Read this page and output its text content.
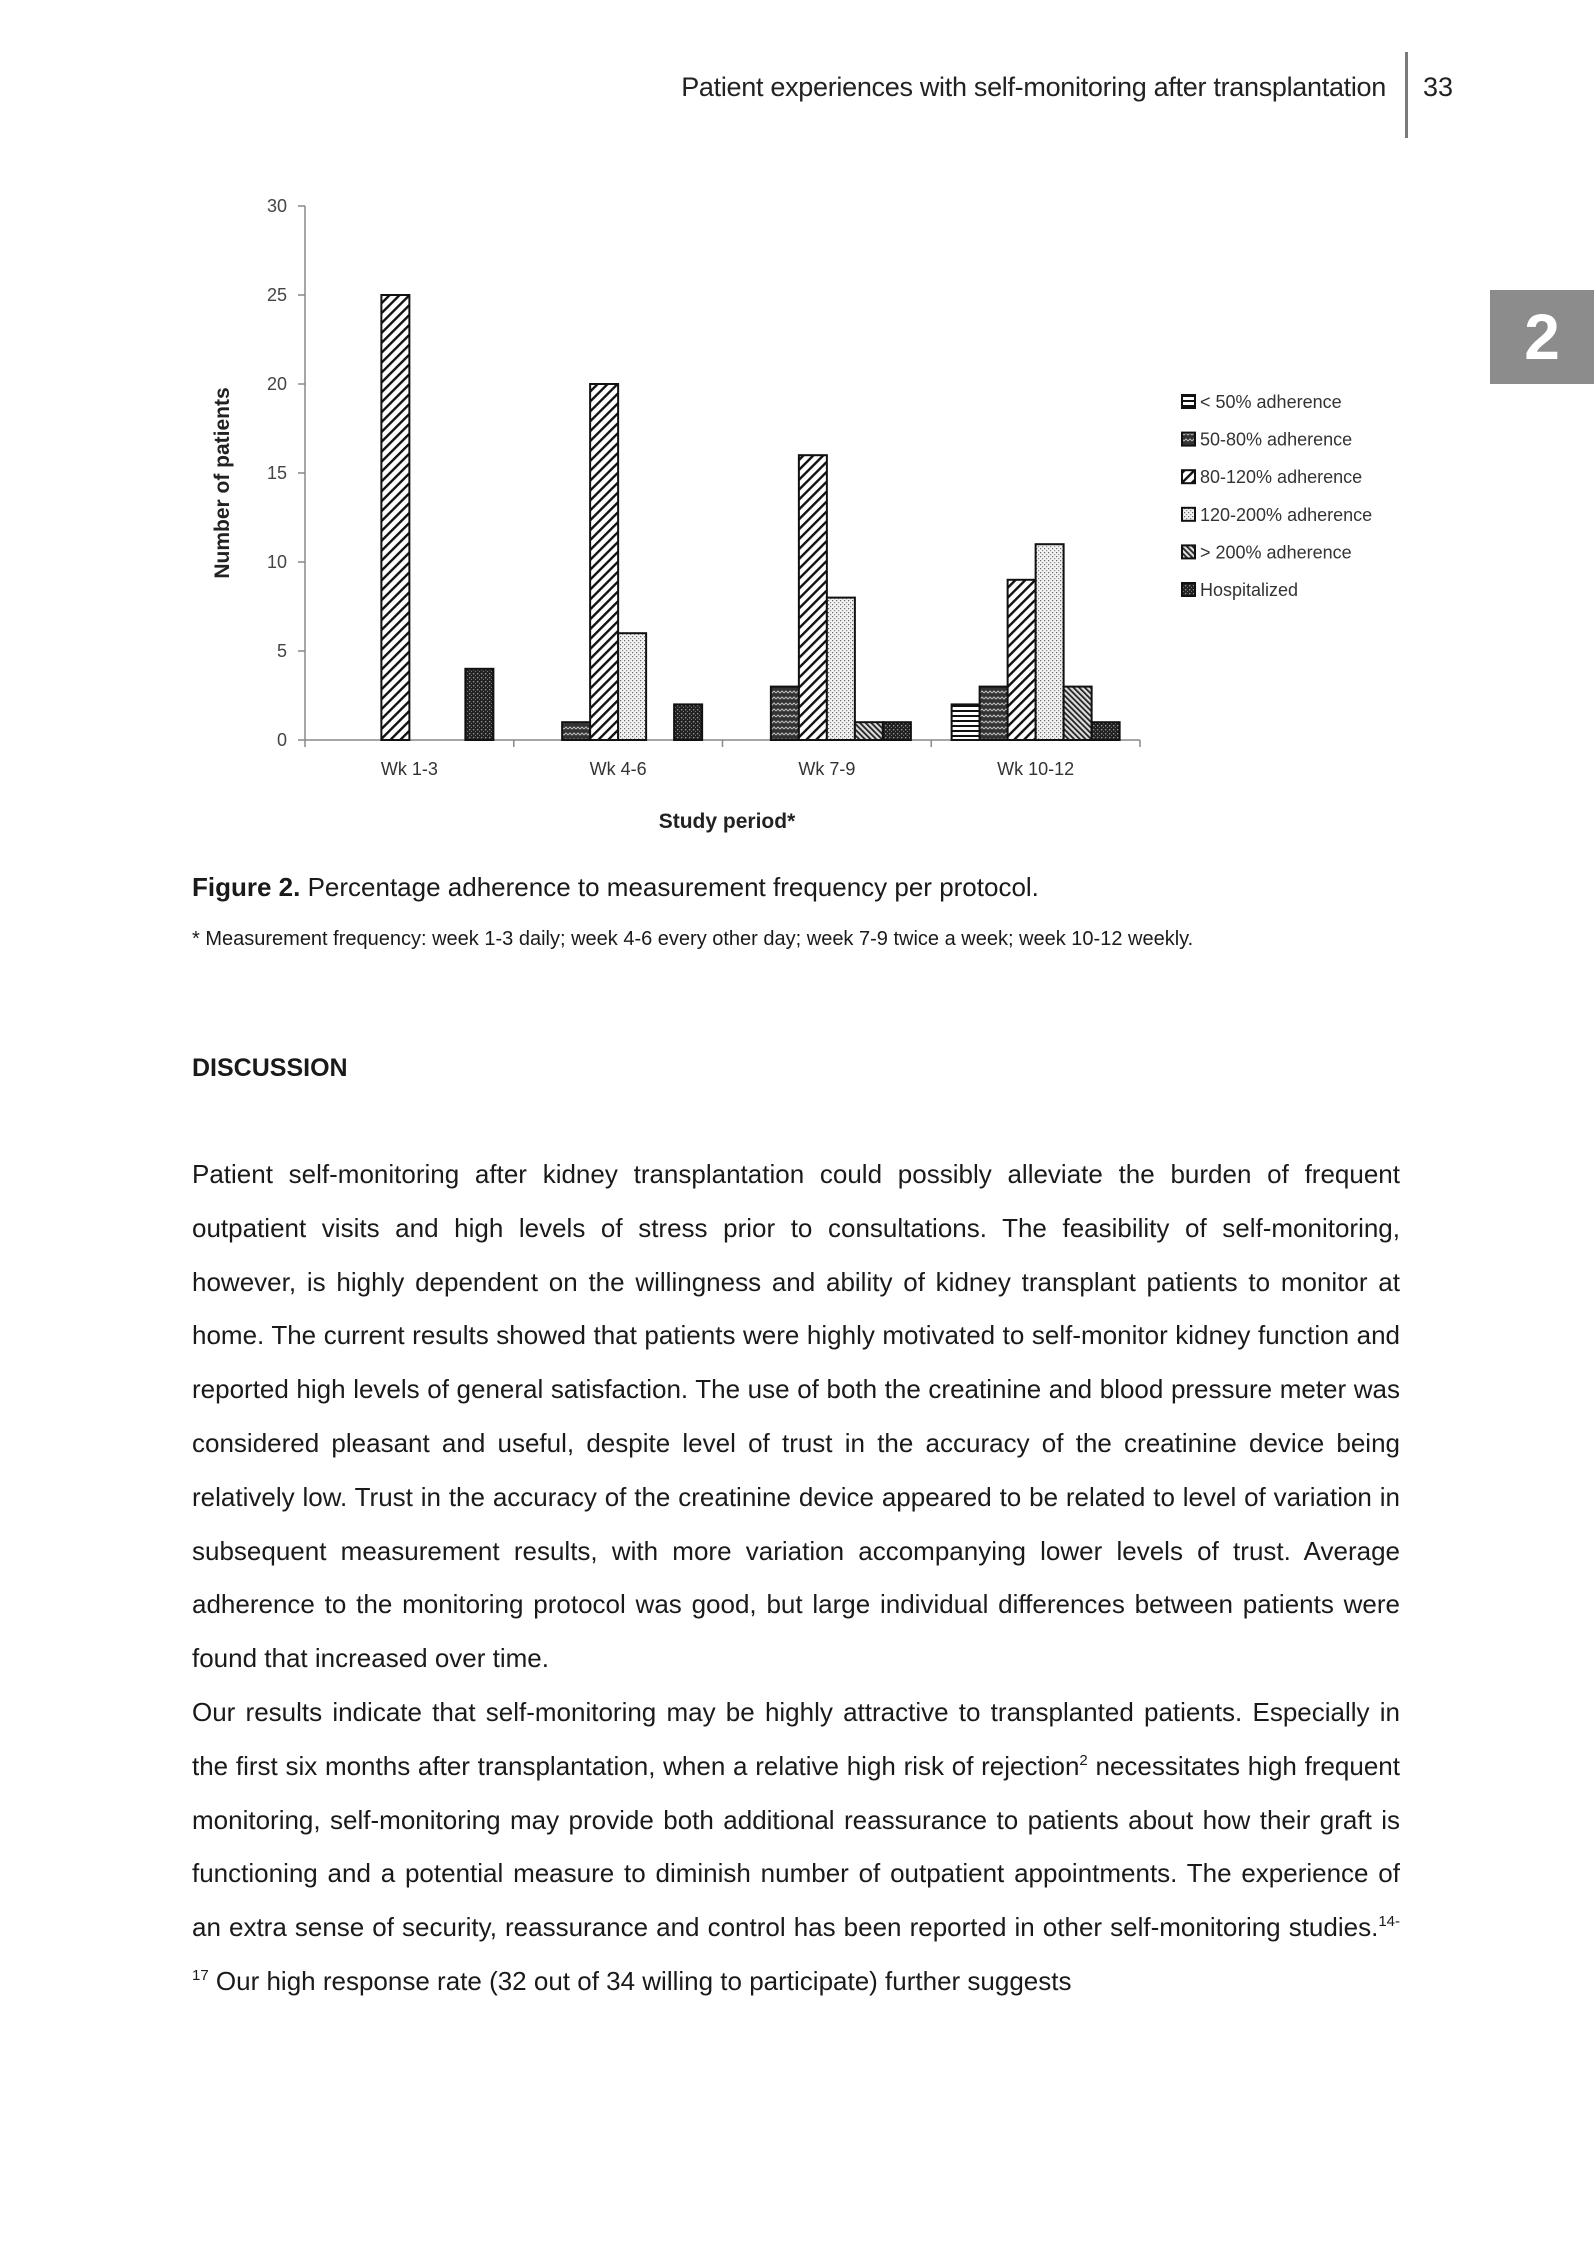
Patient experiences with self-monitoring after transplantation 33
2
0
5
10
15
20
25
30
Wk 1-3	Wk 4-6	Wk 7-9	Wk 10-12
< 50% adherence
50-80% adherence
80-120% adherence
120-200% adherence
> 200% adherence
Hospitalized
Number of patients
Study period*
Figure 2. Percentage adherence to measurement frequency per protocol.
* Measurement frequency: week 1-3 daily; week 4-6 every other day; week 7-9 twice a week; week 10-12 weekly.
DISCUSSION

Patient self-monitoring after kidney transplantation could possibly alleviate the burden of frequent outpatient visits and high levels of stress prior to consultations. The feasibility of self-monitoring, however, is highly dependent on the willingness and ability of kidney transplant patients to monitor at home. The current results showed that patients were highly motivated to self-monitor kidney function and reported high levels of general satisfaction. The use of both the creatinine and blood pressure meter was considered pleasant and useful, despite level of trust in the accuracy of the creatinine device being relatively low. Trust in the accuracy of the creatinine device appeared to be related to level of variation in subsequent measurement results, with more variation accompanying lower levels of trust. Average adherence to the monitoring protocol was good, but large individual differences between patients were found that increased over time.

Our results indicate that self-monitoring may be highly attractive to transplanted patients. Especially in the first six months after transplantation, when a relative high risk of rejection$^2$ necessitates high frequent monitoring, self-monitoring may provide both additional reassurance to patients about how their graft is functioning and a potential measure to diminish number of outpatient appointments. The experience of an extra sense of security, reassurance and control has been reported in other self-monitoring studies.$^{14-17}$ Our high response rate (32 out of 34 willing to participate) further suggests
